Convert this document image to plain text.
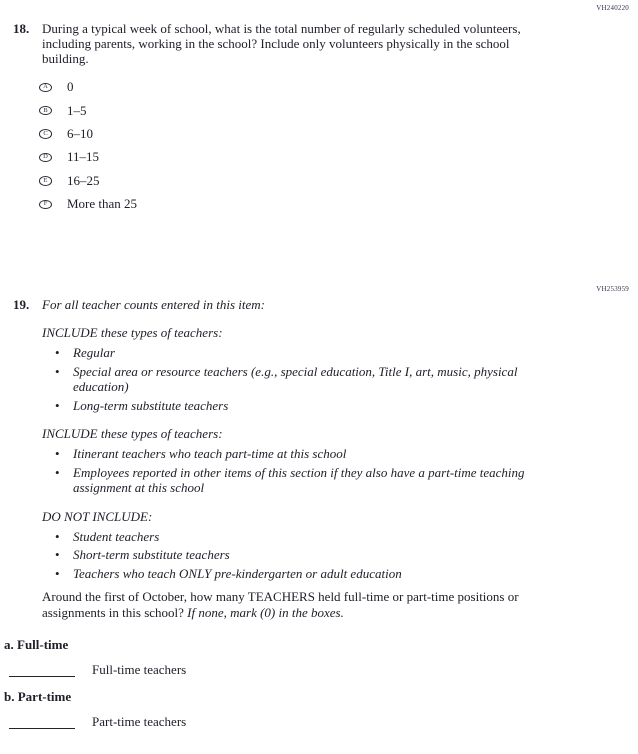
VH240220
18. During a typical week of school, what is the total number of regularly scheduled volunteers, including parents, working in the school? Include only volunteers physically in the school building.

A	0
B	1–5
C	6–10
D	11–15
E	16–25
F	More than 25
VH253959
19. For all teacher counts entered in this item:

INCLUDE these types of teachers:

• Regular
• Special area or resource teachers (e.g., special education, Title I, art, music, physical education)
• Long-term substitute teachers

INCLUDE these types of teachers:

• Itinerant teachers who teach part-time at this school
• Employees reported in other items of this section if they also have a part-time teaching assignment at this school

DO NOT INCLUDE:

• Student teachers
• Short-term substitute teachers
• Teachers who teach ONLY pre-kindergarten or adult education

Around the first of October, how many TEACHERS held full-time or part-time positions or assignments in this school? If none, mark (0) in the boxes.

a. Full-time

Full-time teachers

b. Part-time

Part-time teachers
